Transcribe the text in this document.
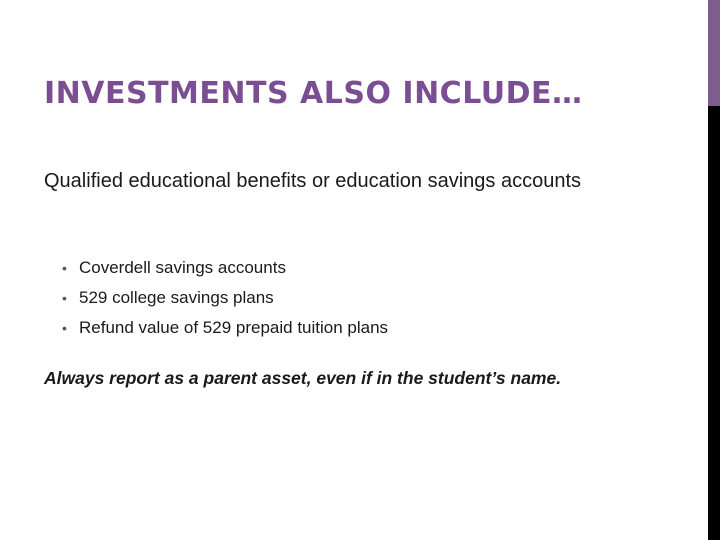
INVESTMENTS ALSO INCLUDE…

Qualified educational benefits or education savings accounts

• Coverdell savings accounts
• 529 college savings plans
• Refund value of 529 prepaid tuition plans

Always report as a parent asset, even if in the student’s name.
